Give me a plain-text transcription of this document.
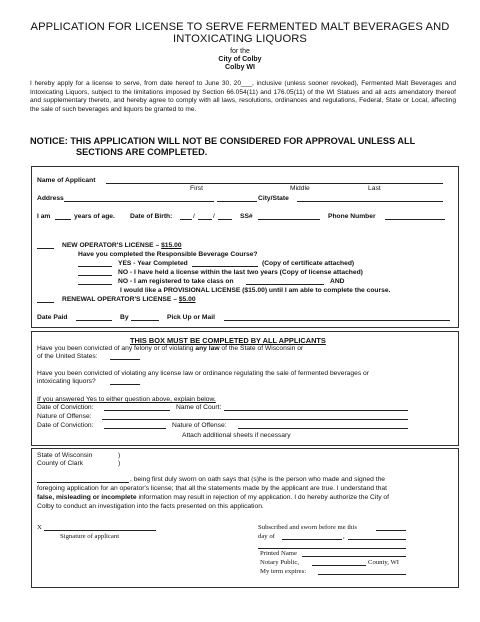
APPLICATION FOR LICENSE TO SERVE FERMENTED MALT BEVERAGES AND
INTOXICATING LIQUORS
for the
City of Colby
Colby WI
I hereby apply for a license to serve, from date hereof to June 30, 20___, inclusive (unless sooner revoked), Fermented Malt Beverages and Intoxicating Liquors, subject to the limitations imposed by Section 66.054(11) and 176.05(11) of the WI Statues and all acts amendatory thereof and supplementary thereto, and hereby agree to comply with all laws, resolutions, ordinances and regulations, Federal, State or Local, affecting the sale of such beverages and liquors be granted to me.
NOTICE: THIS APPLICATION WILL NOT BE CONSIDERED FOR APPROVAL UNLESS ALL
SECTIONS ARE COMPLETED.
Name of Applicant
First	Middle	Last
Address	City/State
I am	years of age. Date of Birth:	/	/	SS#	Phone Number
NEW OPERATOR'S LICENSE – $15.00
Have you completed the Responsible Beverage Course?
YES - Year Completed	(Copy of certificate attached)
NO - I have held a license within the last two years (Copy of license attached)
NO - I am registered to take class on	AND
I would like a PROVISIONAL LICENSE ($15.00) until I am able to complete the course.
RENEWAL OPERATOR'S LICENSE – $5.00
Date Paid	By	Pick Up or Mail
THIS BOX MUST BE COMPLETED BY ALL APPLICANTS
Have you been convicted of any felony or of violating any law of the State of Wisconsin or
of the United States:
Have you been convicted of violating any license law or ordinance regulating the sale of fermented beverages or
intoxicating liquors?
If you answered Yes to either question above, explain below.
Date of Conviction:	Name of Court:
Nature of Offense:
Date of Conviction:	Nature of Offense:
Attach additional sheets if necessary
State of Wisconsin	)
County of Clark	)
, being first duly sworn on oath says that (s)he is the person who made and signed the
foregoing application for an operator's license; that all the statements made by the applicant are true. I understand that
false, misleading or incomplete information may result in rejection of my application. I do hereby authorize the City of
Colby to conduct an investigation into the facts presented on this application.
X
Signature of applicant
Subscribed and sworn before me this
day of	,
Printed Name
Notary Public,	County, WI
My term expires:
